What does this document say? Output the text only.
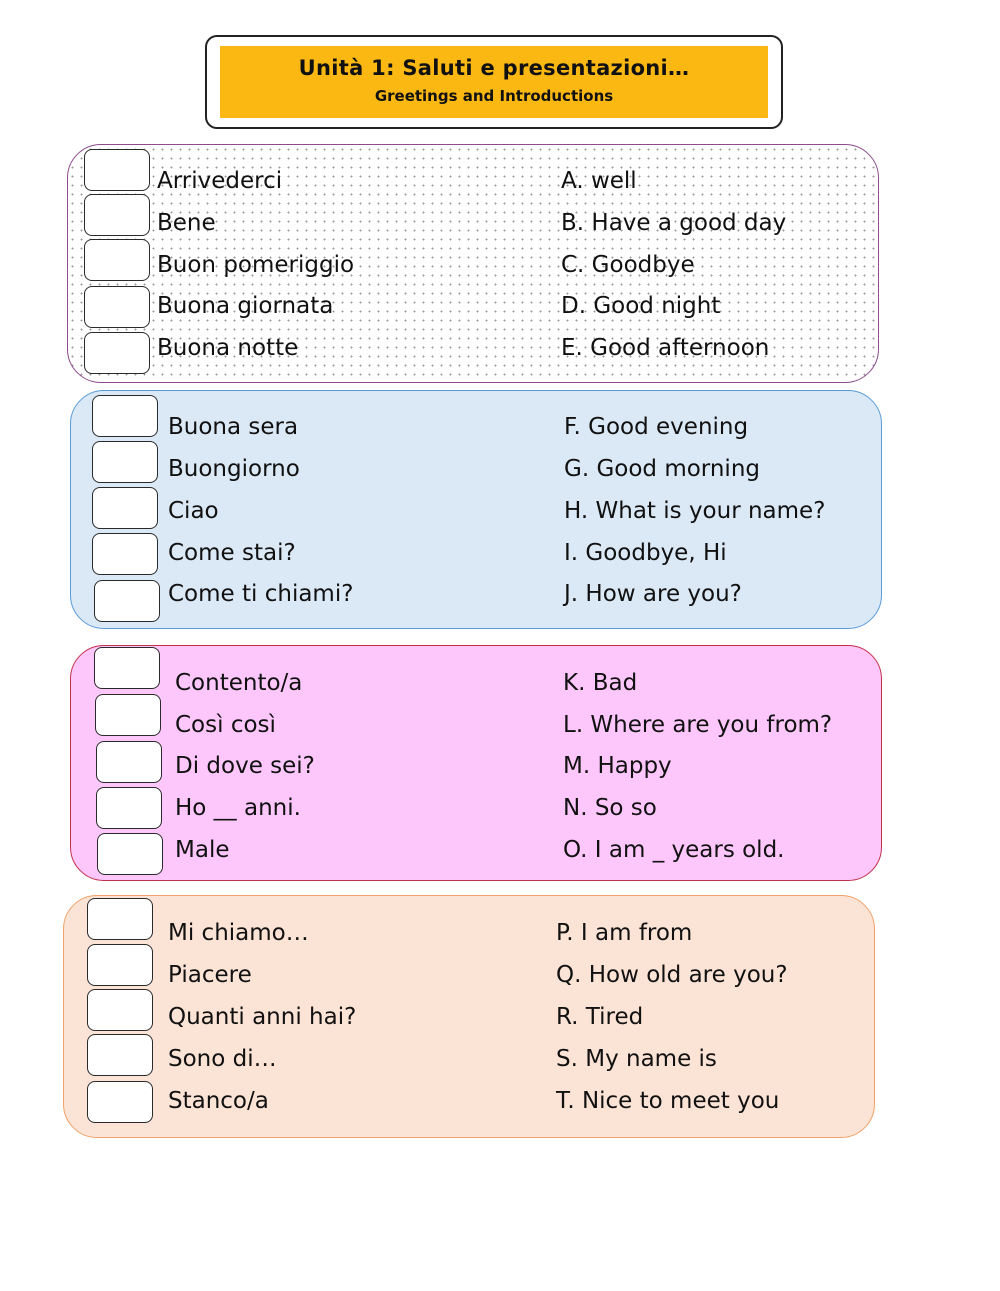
Unità 1: Saluti e presentazioni…
Greetings and Introductions
Arrivederci
Bene
Buon pomeriggio
Buona giornata
Buona notte
A. well
B. Have a good day
C. Goodbye
D. Good night
E. Good afternoon
Buona sera
Buongiorno
Ciao
Come stai?
Come ti chiami?
F. Good evening
G. Good morning
H. What is your name?
I. Goodbye, Hi
J. How are you?
Contento/a
Così così
Di dove sei?
Ho __ anni.
Male
K. Bad
L. Where are you from?
M. Happy
N. So so
O. I am _ years old.
Mi chiamo…
Piacere
Quanti anni hai?
Sono di…
Stanco/a
P. I am from
Q. How old are you?
R. Tired
S. My name is
T. Nice to meet you
